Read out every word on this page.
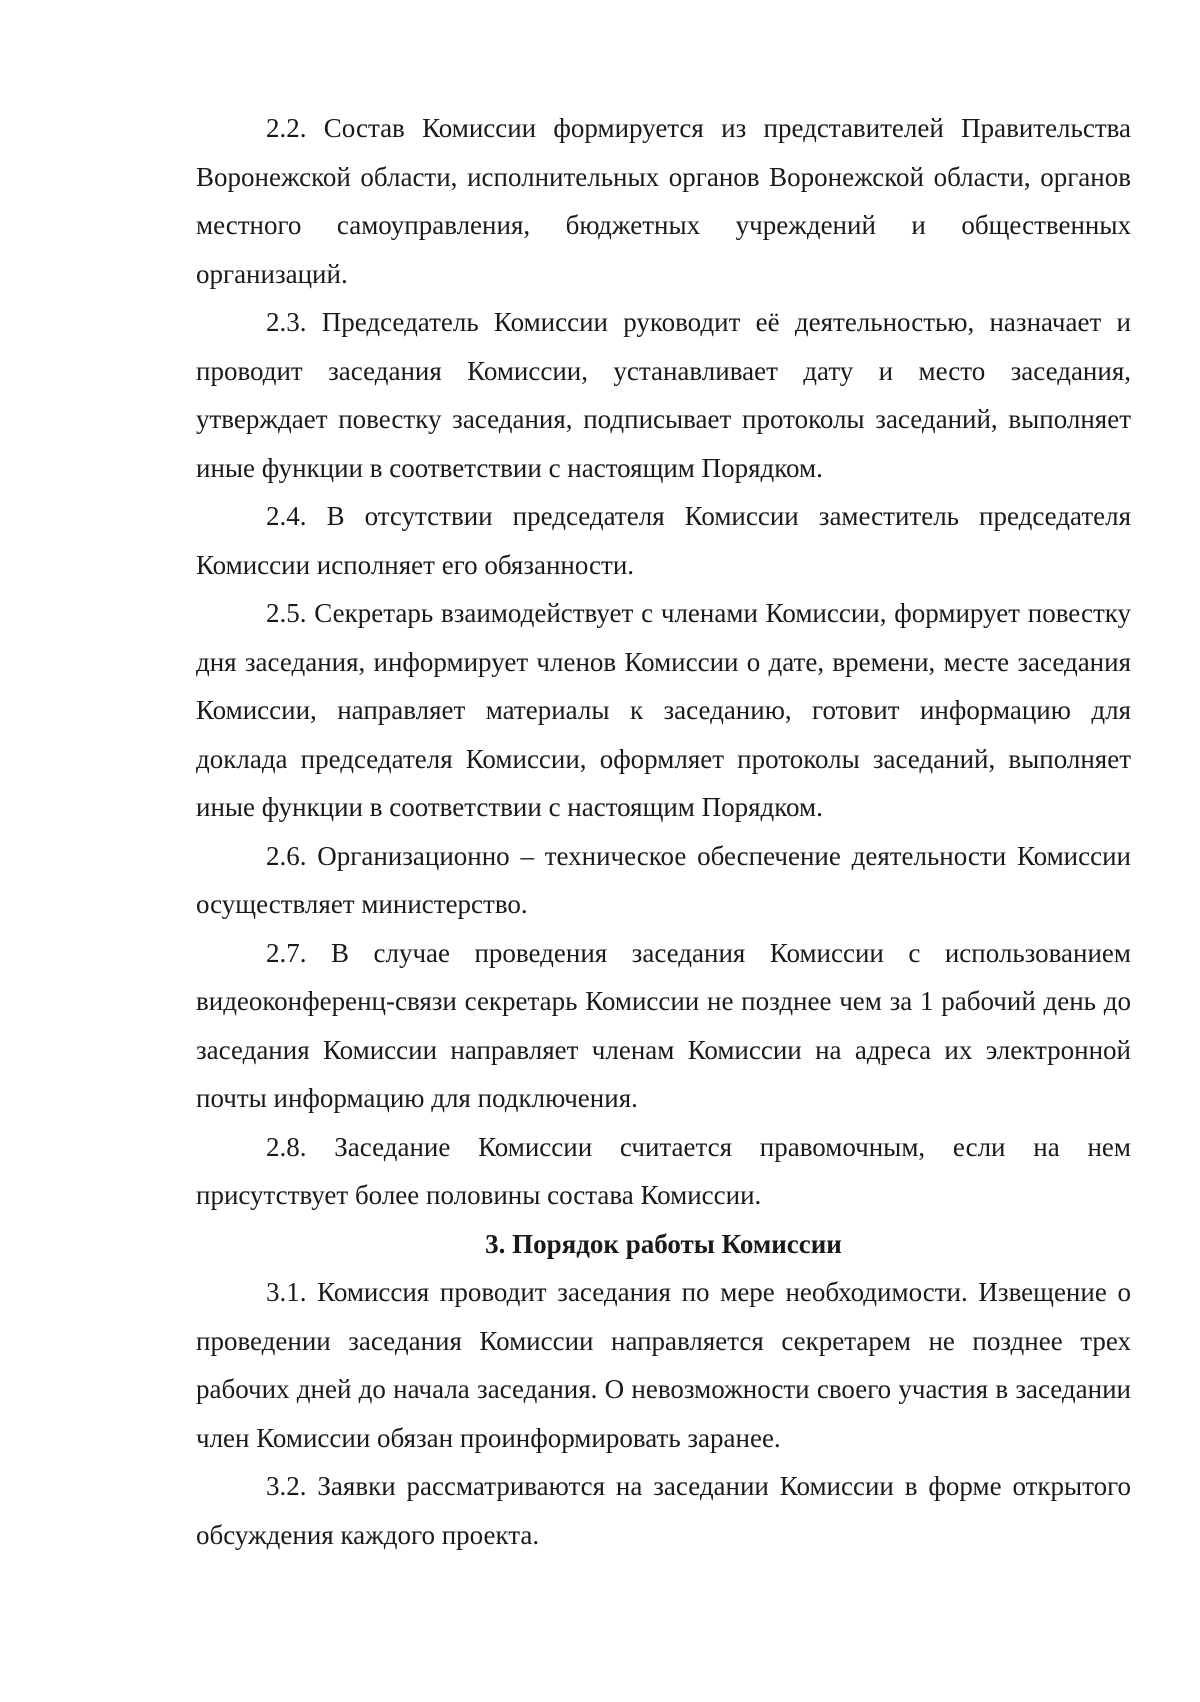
2.2. Состав Комиссии формируется из представителей Правительства Воронежской области, исполнительных органов Воронежской области, органов местного самоуправления, бюджетных учреждений и общественных организаций.

2.3. Председатель Комиссии руководит её деятельностью, назначает и проводит заседания Комиссии, устанавливает дату и место заседания, утверждает повестку заседания, подписывает протоколы заседаний, выполняет иные функции в соответствии с настоящим Порядком.

2.4. В отсутствии председателя Комиссии заместитель председателя Комиссии исполняет его обязанности.

2.5. Секретарь взаимодействует с членами Комиссии, формирует повестку дня заседания, информирует членов Комиссии о дате, времени, месте заседания Комиссии, направляет материалы к заседанию, готовит информацию для доклада председателя Комиссии, оформляет протоколы заседаний, выполняет иные функции в соответствии с настоящим Порядком.

2.6. Организационно – техническое обеспечение деятельности Комиссии осуществляет министерство.

2.7. В случае проведения заседания Комиссии с использованием видеоконференц-связи секретарь Комиссии не позднее чем за 1 рабочий день до заседания Комиссии направляет членам Комиссии на адреса их электронной почты информацию для подключения.

2.8. Заседание Комиссии считается правомочным, если на нем присутствует более половины состава Комиссии.

3. Порядок работы Комиссии

3.1. Комиссия проводит заседания по мере необходимости. Извещение о проведении заседания Комиссии направляется секретарем не позднее трех рабочих дней до начала заседания. О невозможности своего участия в заседании член Комиссии обязан проинформировать заранее.

3.2. Заявки рассматриваются на заседании Комиссии в форме открытого обсуждения каждого проекта.
